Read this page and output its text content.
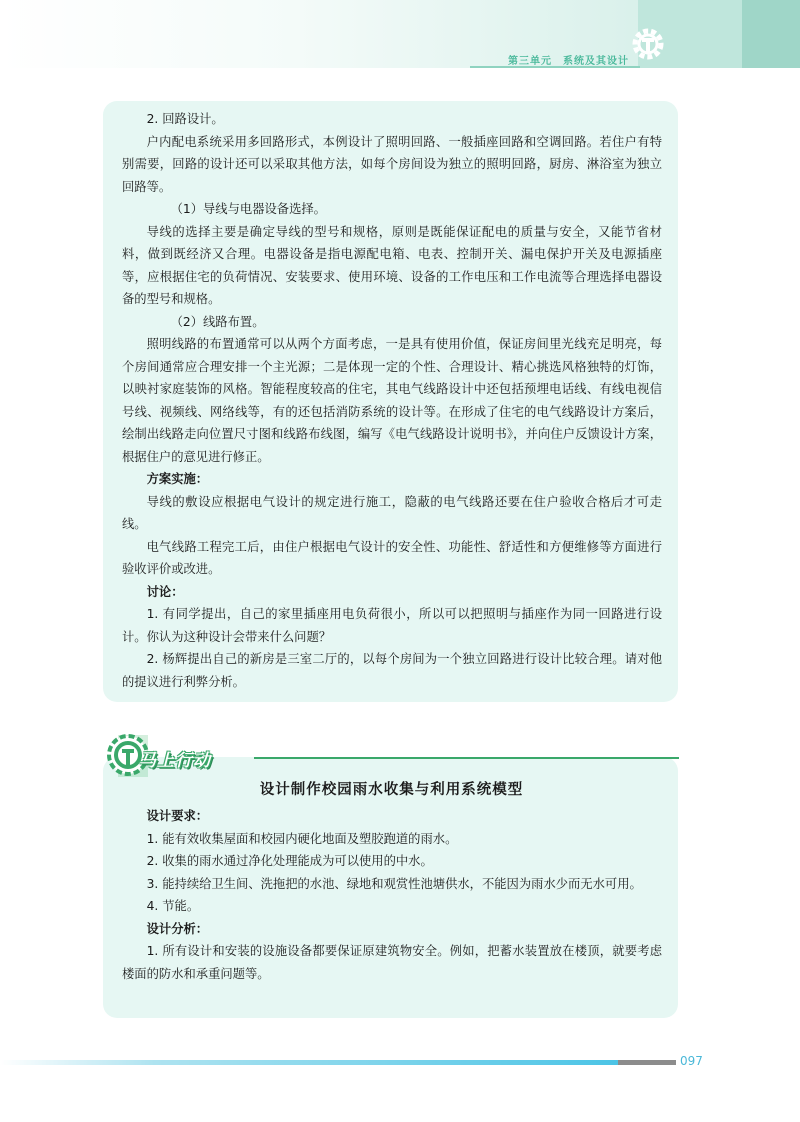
第三单元　系统及其设计

2. 回路设计。

户内配电系统采用多回路形式，本例设计了照明回路、一般插座回路和空调回路。若住户有特别需要，回路的设计还可以采取其他方法，如每个房间设为独立的照明回路，厨房、淋浴室为独立回路等。

（1）导线与电器设备选择。

导线的选择主要是确定导线的型号和规格，原则是既能保证配电的质量与安全，又能节省材料，做到既经济又合理。电器设备是指电源配电箱、电表、控制开关、漏电保护开关及电源插座等，应根据住宅的负荷情况、安装要求、使用环境、设备的工作电压和工作电流等合理选择电器设备的型号和规格。

（2）线路布置。

照明线路的布置通常可以从两个方面考虑，一是具有使用价值，保证房间里光线充足明亮，每个房间通常应合理安排一个主光源；二是体现一定的个性、合理设计、精心挑选风格独特的灯饰，以映衬家庭装饰的风格。智能程度较高的住宅，其电气线路设计中还包括预埋电话线、有线电视信号线、视频线、网络线等，有的还包括消防系统的设计等。在形成了住宅的电气线路设计方案后，绘制出线路走向位置尺寸图和线路布线图，编写《电气线路设计说明书》，并向住户反馈设计方案，根据住户的意见进行修正。

方案实施：

导线的敷设应根据电气设计的规定进行施工，隐蔽的电气线路还要在住户验收合格后才可走线。

电气线路工程完工后，由住户根据电气设计的安全性、功能性、舒适性和方便维修等方面进行验收评价或改进。

讨论：

1. 有同学提出，自己的家里插座用电负荷很小，所以可以把照明与插座作为同一回路进行设计。你认为这种设计会带来什么问题？

2. 杨辉提出自己的新房是三室二厅的，以每个房间为一个独立回路进行设计比较合理。请对他的提议进行利弊分析。

马上行动
设计制作校园雨水收集与利用系统模型

设计要求：

1. 能有效收集屋面和校园内硬化地面及塑胶跑道的雨水。

2. 收集的雨水通过净化处理能成为可以使用的中水。

3. 能持续给卫生间、洗拖把的水池、绿地和观赏性池塘供水，不能因为雨水少而无水可用。

4. 节能。

设计分析：

1. 所有设计和安装的设施设备都要保证原建筑物安全。例如，把蓄水装置放在楼顶，就要考虑楼面的防水和承重问题等。

097
